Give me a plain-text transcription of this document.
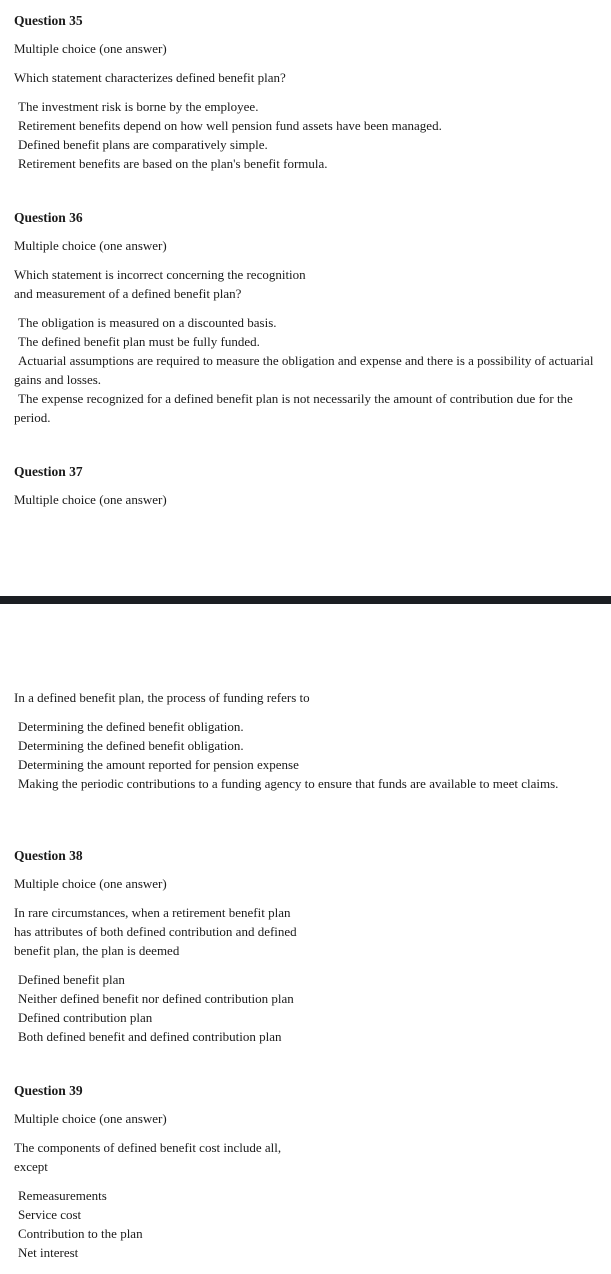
Question 35

Multiple choice (one answer)

Which statement characterizes defined benefit plan?

The investment risk is borne by the employee.
Retirement benefits depend on how well pension fund assets have been managed.
Defined benefit plans are comparatively simple.
Retirement benefits are based on the plan's benefit formula.

Question 36

Multiple choice (one answer)

Which statement is incorrect concerning the recognition
and measurement of a defined benefit plan?

The obligation is measured on a discounted basis.
The defined benefit plan must be fully funded.
Actuarial assumptions are required to measure the obligation and expense and there is a possibility of actuarial gains and losses.
The expense recognized for a defined benefit plan is not necessarily the amount of contribution due for the period.

Question 37

Multiple choice (one answer)

In a defined benefit plan, the process of funding refers to

Determining the defined benefit obligation.
Determining the defined benefit obligation.
Determining the amount reported for pension expense
Making the periodic contributions to a funding agency to ensure that funds are available to meet claims.

Question 38

Multiple choice (one answer)

In rare circumstances, when a retirement benefit plan
has attributes of both defined contribution and defined
benefit plan, the plan is deemed

Defined benefit plan
Neither defined benefit nor defined contribution plan
Defined contribution plan
Both defined benefit and defined contribution plan

Question 39

Multiple choice (one answer)

The components of defined benefit cost include all,
except

Remeasurements
Service cost
Contribution to the plan
Net interest
